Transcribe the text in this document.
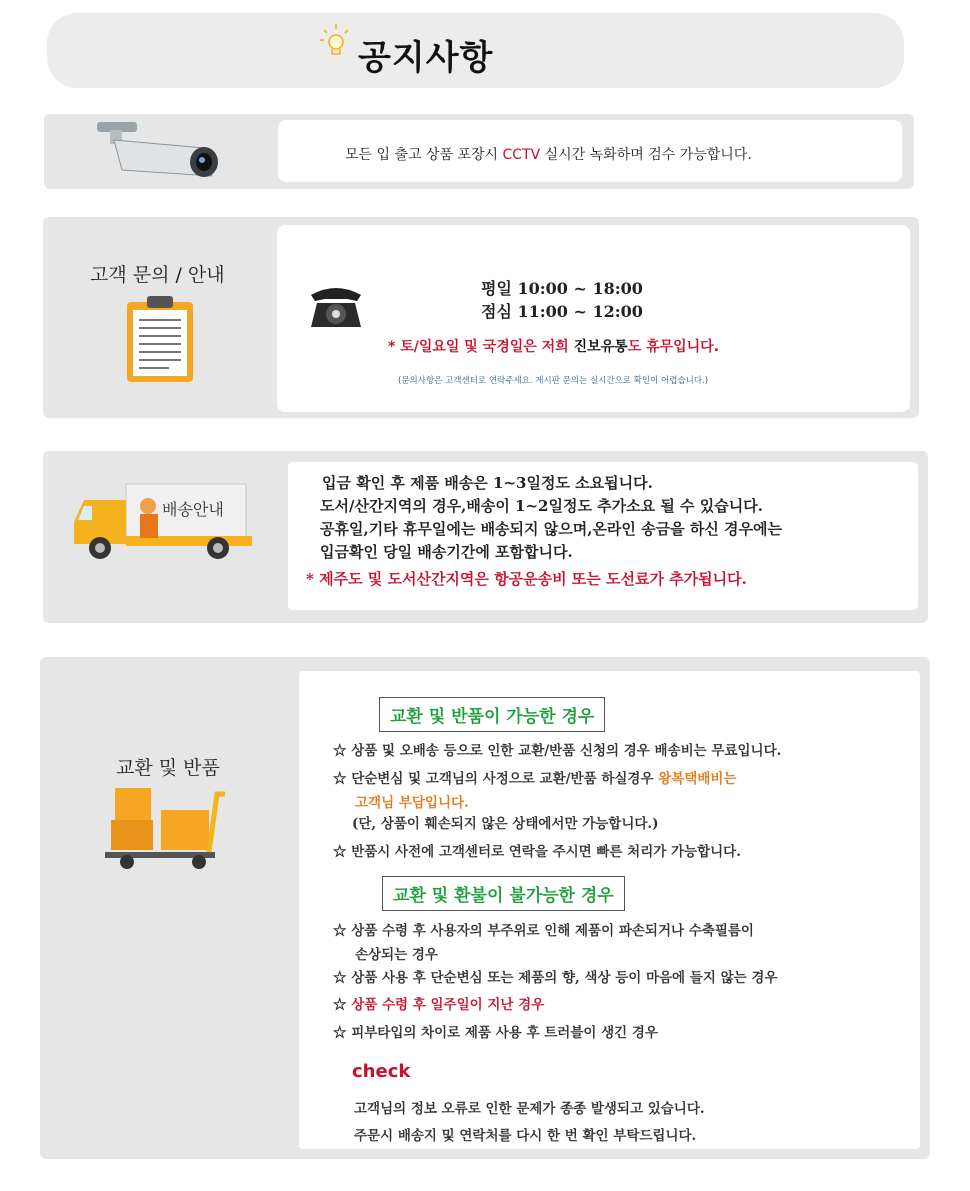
공지사항
모든 입 출고 상품 포장시 CCTV 실시간 녹화하며 검수 가능합니다.
고객 문의 / 안내
평일 10:00 ~ 18:00
점심 11:00 ~ 12:00
* 토/일요일 및 국경일은 저희 진보유통도 휴무입니다.
(문의사항은 고객센터로 연락주세요. 게시판 문의는 실시간으로 확인이 어렵습니다.)
배송안내
입금 확인 후 제품 배송은 1~3일정도 소요됩니다.
도서/산간지역의 경우,배송이 1~2일정도 추가소요 될 수 있습니다.
공휴일,기타 휴무일에는 배송되지 않으며,온라인 송금을 하신 경우에는
입금확인 당일 배송기간에 포함합니다.
* 제주도 및 도서산간지역은 항공운송비 또는 도선료가 추가됩니다.
교환 및 반품
교환 및 반품이 가능한 경우
☆ 상품 및 오배송 등으로 인한 교환/반품 신청의 경우 배송비는 무료입니다.
☆ 단순변심 및 고객님의 사정으로 교환/반품 하실경우 왕복택배비는
고객님 부담입니다.
(단, 상품이 훼손되지 않은 상태에서만 가능합니다.)
☆ 반품시 사전에 고객센터로 연락을 주시면 빠른 처리가 가능합니다.
교환 및 환불이 불가능한 경우
☆ 상품 수령 후 사용자의 부주위로 인해 제품이 파손되거나 수축필름이
손상되는 경우
☆ 상품 사용 후 단순변심 또는 제품의 향, 색상 등이 마음에 들지 않는 경우
☆ 상품 수령 후 일주일이 지난 경우
☆ 피부타입의 차이로 제품 사용 후 트러블이 생긴 경우
check
고객님의 정보 오류로 인한 문제가 종종 발생되고 있습니다.
주문시 배송지 및 연락처를 다시 한 번 확인 부탁드립니다.
